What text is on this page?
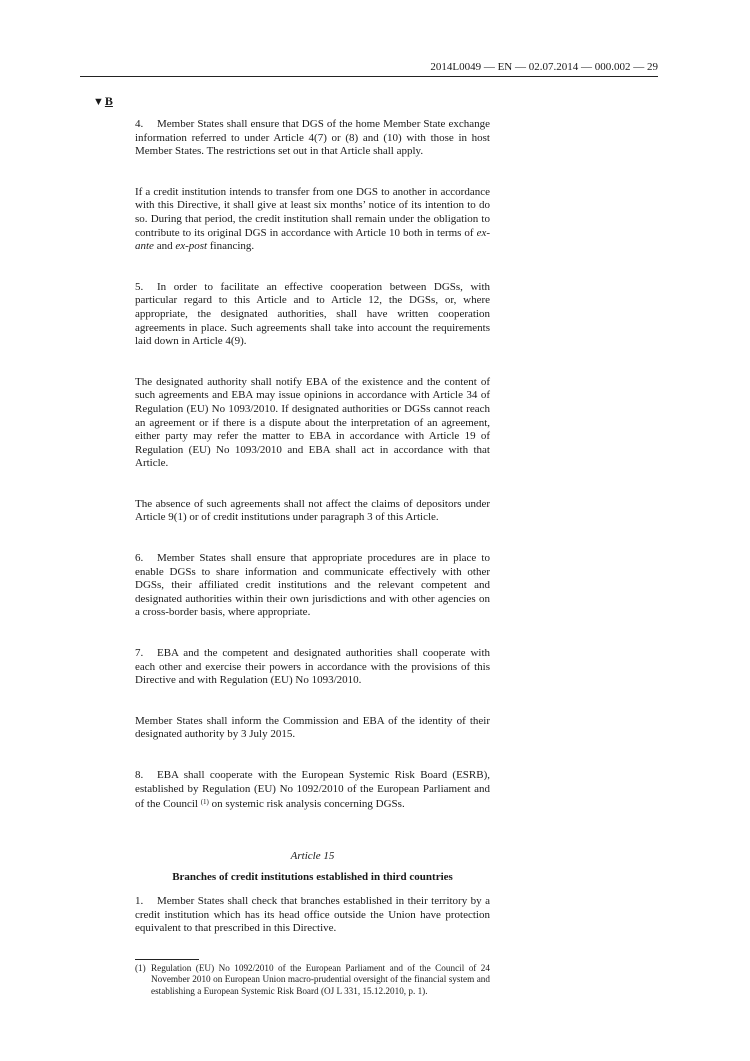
2014L0049 — EN — 02.07.2014 — 000.002 — 29
▼B

4. Member States shall ensure that DGS of the home Member State exchange information referred to under Article 4(7) or (8) and (10) with those in host Member States. The restrictions set out in that Article shall apply.

If a credit institution intends to transfer from one DGS to another in accordance with this Directive, it shall give at least six months’ notice of its intention to do so. During that period, the credit institution shall remain under the obligation to contribute to its original DGS in accordance with Article 10 both in terms of ex-ante and ex-post financing.

5. In order to facilitate an effective cooperation between DGSs, with particular regard to this Article and to Article 12, the DGSs, or, where appropriate, the designated authorities, shall have written cooperation agreements in place. Such agreements shall take into account the requirements laid down in Article 4(9).

The designated authority shall notify EBA of the existence and the content of such agreements and EBA may issue opinions in accordance with Article 34 of Regulation (EU) No 1093/2010. If designated authorities or DGSs cannot reach an agreement or if there is a dispute about the interpretation of an agreement, either party may refer the matter to EBA in accordance with Article 19 of Regulation (EU) No 1093/2010 and EBA shall act in accordance with that Article.

The absence of such agreements shall not affect the claims of depositors under Article 9(1) or of credit institutions under paragraph 3 of this Article.

6. Member States shall ensure that appropriate procedures are in place to enable DGSs to share information and communicate effectively with other DGSs, their affiliated credit institutions and the relevant competent and designated authorities within their own jurisdictions and with other agencies on a cross-border basis, where appropriate.

7. EBA and the competent and designated authorities shall cooperate with each other and exercise their powers in accordance with the provisions of this Directive and with Regulation (EU) No 1093/2010.

Member States shall inform the Commission and EBA of the identity of their designated authority by 3 July 2015.

8. EBA shall cooperate with the European Systemic Risk Board (ESRB), established by Regulation (EU) No 1092/2010 of the European Parliament and of the Council $^{(1)}$ on systemic risk analysis concerning DGSs.

Article 15

Branches of credit institutions established in third countries

1. Member States shall check that branches established in their territory by a credit institution which has its head office outside the Union have protection equivalent to that prescribed in this Directive.

(1) Regulation (EU) No 1092/2010 of the European Parliament and of the Council of 24 November 2010 on European Union macro-prudential oversight of the financial system and establishing a European Systemic Risk Board (OJ L 331, 15.12.2010, p. 1).
